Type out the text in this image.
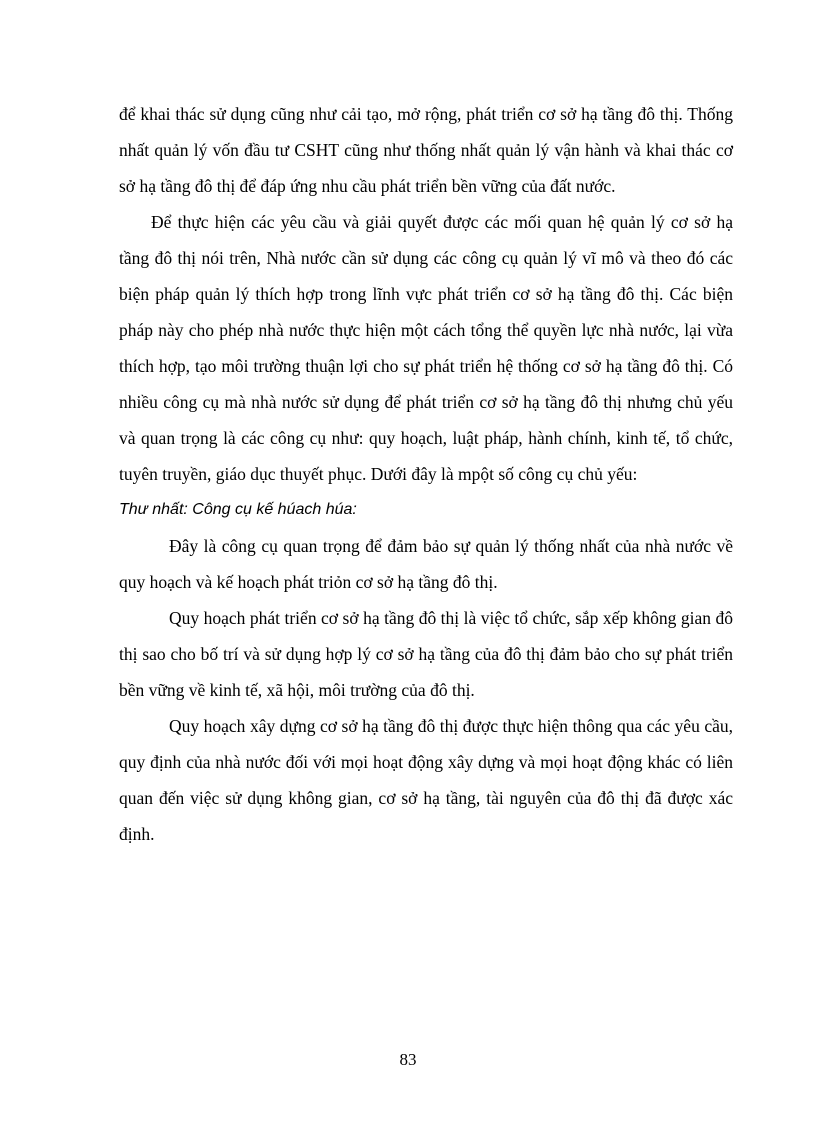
để khai thác sử dụng cũng như cải tạo, mở rộng, phát triển cơ sở hạ tầng đô thị. Thống nhất quản lý vốn đầu tư CSHT cũng như thống nhất quản lý vận hành và khai thác cơ sở hạ tầng đô thị để đáp ứng nhu cầu phát triển bền vững của đất nước.

Để thực hiện các yêu cầu và giải quyết được các mối quan hệ quản lý cơ sở hạ tầng đô thị nói trên, Nhà nước cần sử dụng các công cụ quản lý vĩ mô và theo đó các biện pháp quản lý thích hợp trong lĩnh vực phát triển cơ sở hạ tầng đô thị. Các biện pháp này cho phép nhà nước thực hiện một cách tổng thể quyền lực nhà nước, lại vừa thích hợp, tạo môi trường thuận lợi cho sự phát triển hệ thống cơ sở hạ tầng đô thị. Có nhiều công cụ mà nhà nước sử dụng để phát triển cơ sở hạ tầng đô thị nhưng chủ yếu và quan trọng là các công cụ như: quy hoạch, luật pháp, hành chính, kinh tế, tổ chức, tuyên truyền, giáo dục thuyết phục. Dưới đây là mpột số công cụ chủ yếu:

Thư nhất: Công cụ kế húach húa:

Đây là công cụ quan trọng để đảm bảo sự quản lý thống nhất của nhà nước về quy hoạch và kế hoạch phát triỏn cơ sở hạ tầng đô thị.

Quy hoạch phát triển cơ sở hạ tầng đô thị là việc tổ chức, sắp xếp không gian đô thị sao cho bố trí và sử dụng hợp lý cơ sở hạ tầng của đô thị đảm bảo cho sự phát triển bền vững về kinh tế, xã hội, môi trường của đô thị.

Quy hoạch xây dựng cơ sở hạ tầng đô thị được thực hiện thông qua các yêu cầu, quy định của nhà nước đối với mọi hoạt động xây dựng và mọi hoạt động khác có liên quan đến việc sử dụng không gian, cơ sở hạ tầng, tài nguyên của đô thị đã được xác định.

83
